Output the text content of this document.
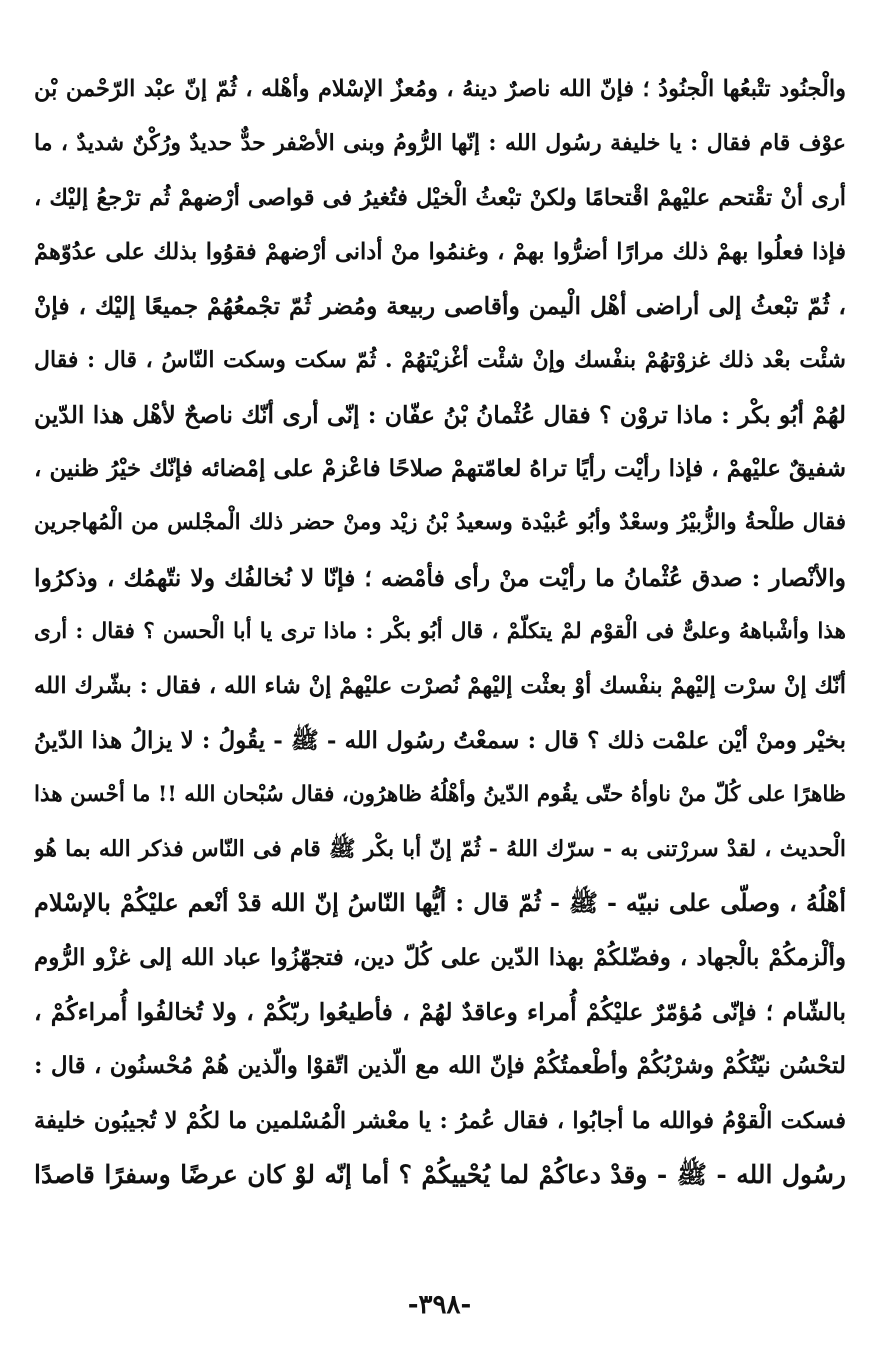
والْجنُود تتْبعُها الْجنُودُ ؛ فإنّ الله ناصرٌ دينهُ ، ومُعزٌ الإسْلام وأهْله ، ثُمّ إنّ عبْد الرّحْمن بْن
عوْف قام فقال : يا خليفة رسُول الله : إنّها الرُّومُ وبنى الأصْفر حدٌّ حديدٌ ورُكْنٌ شديدٌ ، ما
أرى أنْ تقْتحم عليْهمْ اقْتحامًا ولكنْ تبْعثُ الْخيْل فتُغيرُ فى قواصى أرْضهمْ ثُم ترْجعُ إليْك ،
فإذا فعلُوا بهمْ ذلك مرارًا أضرُّوا بهمْ ، وغنمُوا منْ أدانى أرْضهمْ فقوُوا بذلك على عدُوّهمْ
، ثُمّ تبْعثُ إلى أراضى أهْل الْيمن وأقاصى ربيعة ومُضر ثُمّ تجْمعُهُمْ جميعًا إليْك ، فإنْ
شئْت بعْد ذلك غزوْتهُمْ بنفْسك وإنْ شئْت أغْزيْتهُمْ . ثُمّ سكت وسكت النّاسُ ، قال : فقال
لهُمْ أبُو بكْر : ماذا تروْن ؟ فقال عُثْمانُ بْنُ عفّان : إنّى أرى أنّك ناصحٌ لأهْل هذا الدّين
شفيقٌ عليْهمْ ، فإذا رأيْت رأيًا تراهُ لعامّتهمْ صلاحًا فاعْزمْ على إمْضائه فإنّك خيْرُ ظنين ،
فقال طلْحةُ والزُّبيْرُ وسعْدٌ وأبُو عُبيْدة وسعيدُ بْنُ زيْد ومنْ حضر ذلك الْمجْلس من الْمُهاجرين
والأنْصار : صدق عُثْمانُ ما رأيْت منْ رأى فأمْضه ؛ فإنّا لا نُخالفُك ولا نتّهمُك ، وذكرُوا
هذا وأشْباههُ وعلىٌّ فى الْقوْم لمْ يتكلّمْ ، قال أبُو بكْر : ماذا ترى يا أبا الْحسن ؟ فقال : أرى
أنّك إنْ سرْت إليْهمْ بنفْسك أوْ بعثْت إليْهمْ نُصرْت عليْهمْ إنْ شاء الله ، فقال : بشّرك الله
بخيْر ومنْ أيْن علمْت ذلك ؟ قال : سمعْتُ رسُول الله - ﷺ - يقُولُ : لا يزالُ هذا الدّينُ
ظاهرًا على كُلّ منْ ناوأهُ حتّى يقُوم الدّينُ وأهْلُهُ ظاهرُون، فقال سُبْحان الله !! ما أحْسن هذا
الْحديث ، لقدْ سررْتنى به - سرّك اللهُ - ثُمّ إنّ أبا بكْر ﷺ قام فى النّاس فذكر الله بما هُو
أهْلُهُ ، وصلّى على نبيّه - ﷺ - ثُمّ قال : أيُّها النّاسُ إنّ الله قدْ أنْعم عليْكُمْ بالإسْلام
وألْزمكُمْ بالْجهاد ، وفضّلكُمْ بهذا الدّين على كُلّ دين، فتجهّزُوا عباد الله إلى غزْو الرُّوم
بالشّام ؛ فإنّى مُؤمّرٌ عليْكُمْ أُمراء وعاقدٌ لهُمْ ، فأطيعُوا ربّكُمْ ، ولا تُخالفُوا أُمراءكُمْ ،
لتحْسُن نيّتُكُمْ وشرْبُكُمْ وأطْعمتُكُمْ فإنّ الله مع الّذين اتّقوْا والّذين هُمْ مُحْسنُون ، قال :
فسكت الْقوْمُ فوالله ما أجابُوا ، فقال عُمرُ : يا معْشر الْمُسْلمين ما لكُمْ لا تُجيبُون خليفة
رسُول الله - ﷺ - وقدْ دعاكُمْ لما يُحْييكُمْ ؟ أما إنّه لوْ كان عرضًا وسفرًا قاصدًا
-٣٩٨-
